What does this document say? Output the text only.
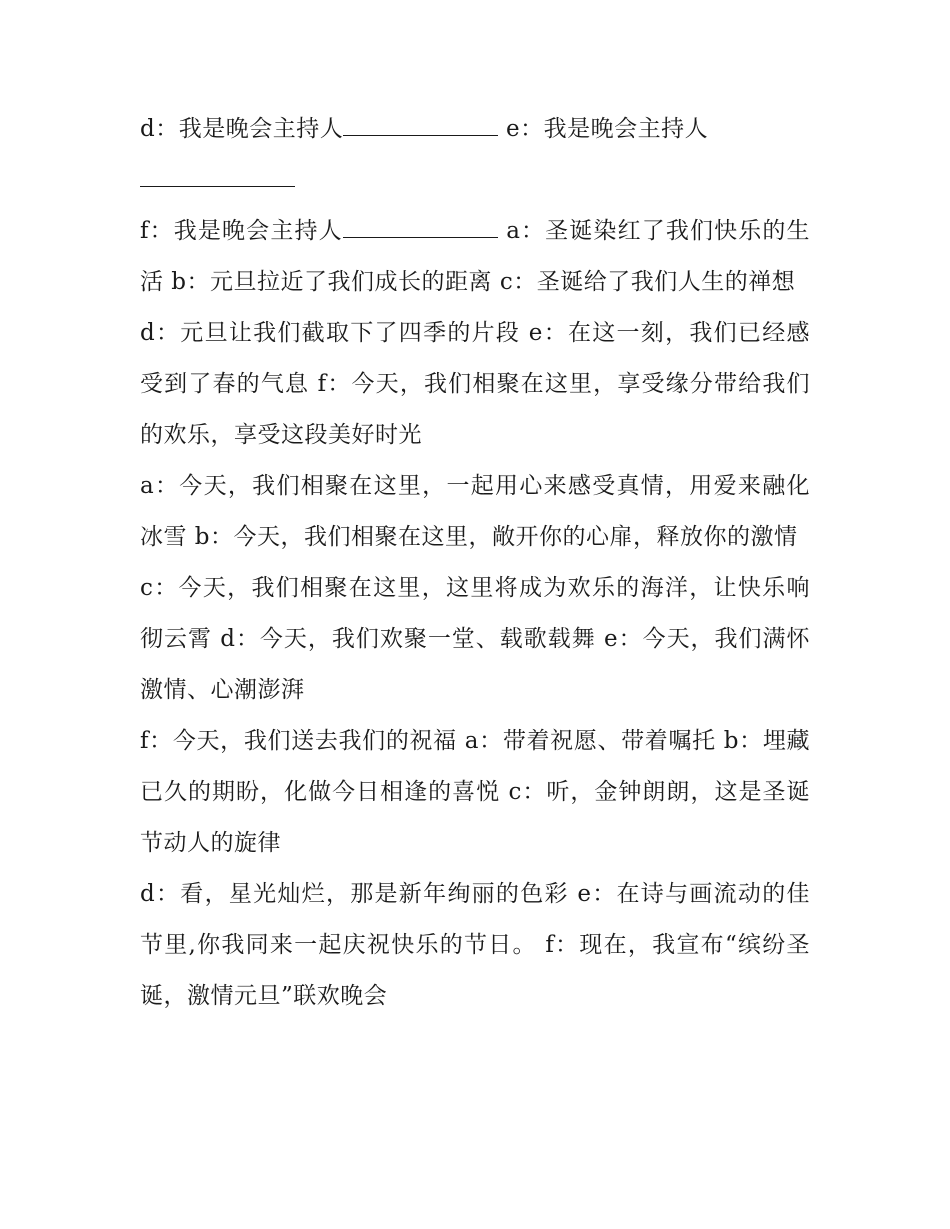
d：我是晚会主持人	e：我是晚会主持人

f：我是晚会主持人	a：圣诞染红了我们快乐的生活 b：元旦拉近了我们成长的距离 c：圣诞给了我们人生的禅想

d：元旦让我们截取下了四季的片段 e：在这一刻，我们已经感受到了春的气息 f：今天，我们相聚在这里，享受缘分带给我们的欢乐，享受这段美好时光

a：今天，我们相聚在这里，一起用心来感受真情，用爱来融化冰雪 b：今天，我们相聚在这里，敞开你的心扉，释放你的激情

c：今天，我们相聚在这里，这里将成为欢乐的海洋，让快乐响彻云霄 d：今天，我们欢聚一堂、载歌载舞 e：今天，我们满怀激情、心潮澎湃

f：今天，我们送去我们的祝福 a：带着祝愿、带着嘱托 b：埋藏已久的期盼，化做今日相逢的喜悦 c：听，金钟朗朗，这是圣诞节动人的旋律

d：看，星光灿烂，那是新年绚丽的色彩 e：在诗与画流动的佳节里,你我同来一起庆祝快乐的节日。 f：现在，我宣布“缤纷圣诞，激情元旦”联欢晚会
